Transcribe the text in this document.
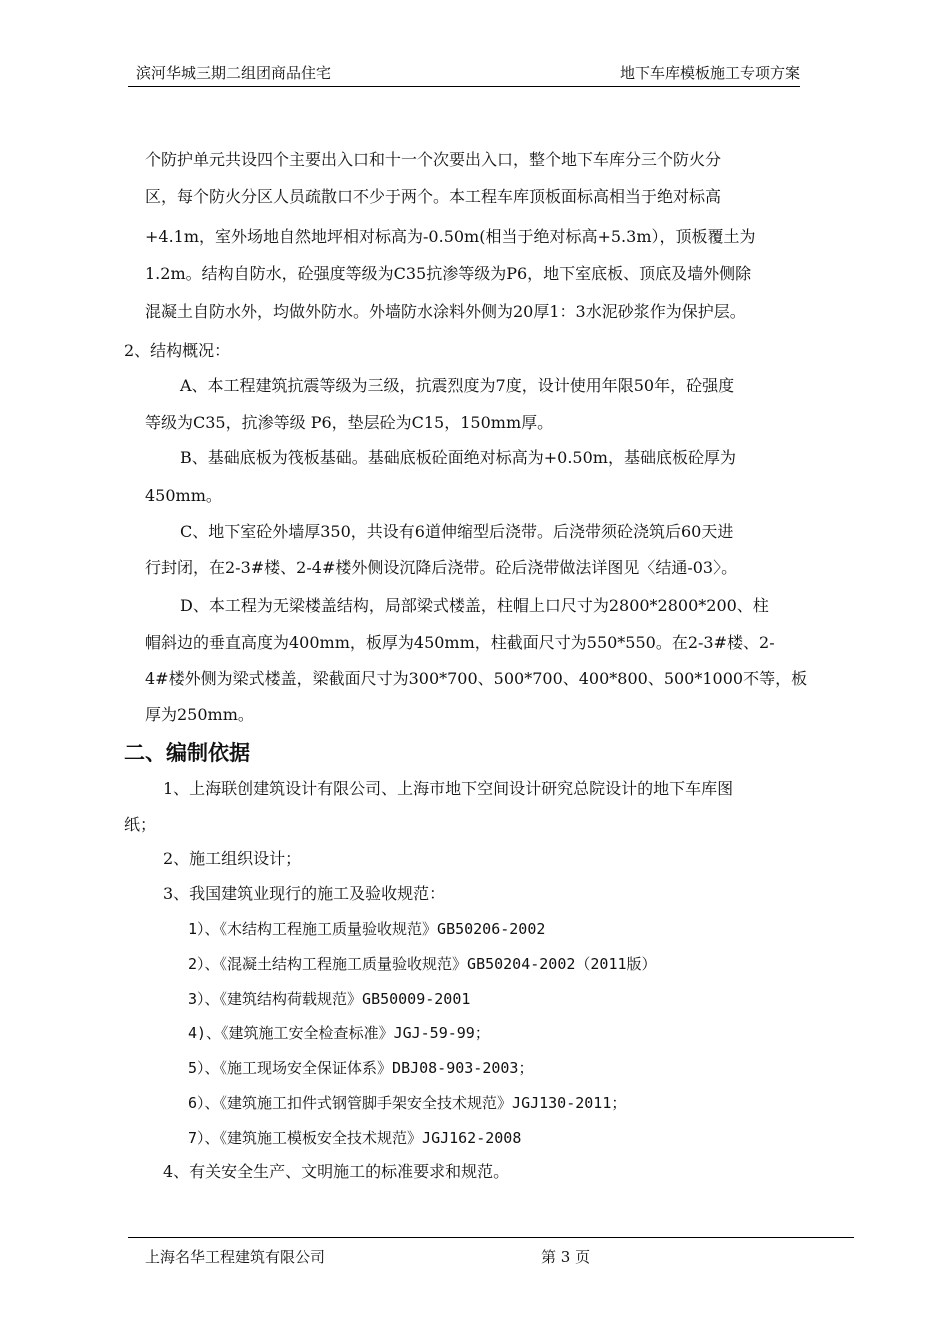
滨河华城三期二组团商品住宅	地下车库模板施工专项方案
个防护单元共设四个主要出入口和十一个次要出入口，整个地下车库分三个防火分
区，每个防火分区人员疏散口不少于两个。本工程车库顶板面标高相当于绝对标高
+4.1m，室外场地自然地坪相对标高为-0.50m(相当于绝对标高+5.3m），顶板覆土为
1.2m。结构自防水，砼强度等级为C35抗渗等级为P6，地下室底板、顶底及墙外侧除
混凝土自防水外，均做外防水。外墙防水涂料外侧为20厚1：3水泥砂浆作为保护层。
2、结构概况：
A、本工程建筑抗震等级为三级，抗震烈度为7度，设计使用年限50年，砼强度
等级为C35，抗渗等级 P6，垫层砼为C15，150mm厚。
B、基础底板为筏板基础。基础底板砼面绝对标高为+0.50m，基础底板砼厚为
450mm。
C、地下室砼外墙厚350，共设有6道伸缩型后浇带。后浇带须砼浇筑后60天进
行封闭，在2-3#楼、2-4#楼外侧设沉降后浇带。砼后浇带做法详图见〈结通-03〉。
D、本工程为无梁楼盖结构，局部梁式楼盖，柱帽上口尺寸为2800*2800*200、柱
帽斜边的垂直高度为400mm，板厚为450mm，柱截面尺寸为550*550。在2-3#楼、2-
4#楼外侧为梁式楼盖，梁截面尺寸为300*700、500*700、400*800、500*1000不等，板
厚为250mm。
二、编制依据
1、上海联创建筑设计有限公司、上海市地下空间设计研究总院设计的地下车库图
纸；
2、施工组织设计；
3、我国建筑业现行的施工及验收规范：
1）、《木结构工程施工质量验收规范》GB50206-2002
2）、《混凝土结构工程施工质量验收规范》GB50204-2002（2011版）
3）、《建筑结构荷载规范》GB50009-2001
4)、《建筑施工安全检查标准》JGJ-59-99；
5）、《施工现场安全保证体系》DBJ08-903-2003；
6）、《建筑施工扣件式钢管脚手架安全技术规范》JGJ130-2011；
7）、《建筑施工模板安全技术规范》JGJ162-2008
4、有关安全生产、文明施工的标准要求和规范。
上海名华工程建筑有限公司	第 3 页
